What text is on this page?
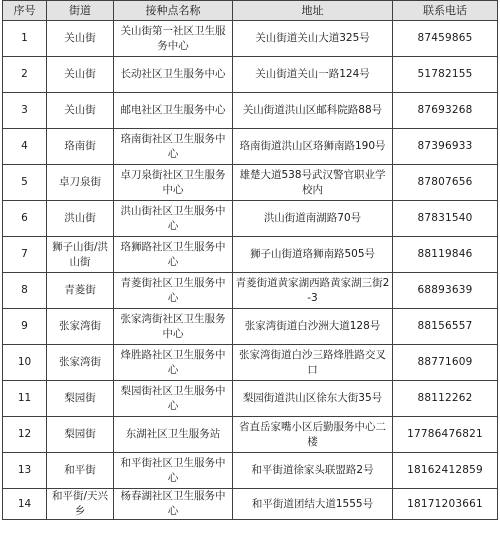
序号	街道	接种点名称	地址	联系电话
1	关山街	关山街第一社区卫生服务中心	关山街道关山大道325号	87459865
2	关山街	长动社区卫生服务中心	关山街道关山一路124号	51782155
3	关山街	邮电社区卫生服务中心	关山街道洪山区邮科院路88号	87693268
4	珞南街	珞南街社区卫生服务中心	珞南街道洪山区珞狮南路190号	87396933
5	卓刀泉街	卓刀泉街社区卫生服务中心	雄楚大道538号武汉警官职业学校内	87807656
6	洪山街	洪山街社区卫生服务中心	洪山街道南湖路70号	87831540
7	狮子山街/洪山街	珞狮路社区卫生服务中心	狮子山街道珞狮南路505号	88119846
8	青菱街	青菱街社区卫生服务中心	青菱街道黄家湖西路黄家湖三街2-3	68893639
9	张家湾街	张家湾街社区卫生服务中心	张家湾街道白沙洲大道128号	88156557
10	张家湾街	烽胜路社区卫生服务中心	张家湾街道白沙三路烽胜路交叉口	88771609
11	梨园街	梨园街社区卫生服务中心	梨园街道洪山区徐东大街35号	88112262
12	梨园街	东湖社区卫生服务站	省直岳家嘴小区后勤服务中心二楼	17786476821
13	和平街	和平街社区卫生服务中心	和平街道徐家头联盟路2号	18162412859
14	和平街/天兴乡	杨春湖社区卫生服务中心	和平街道团结大道1555号	18171203661
